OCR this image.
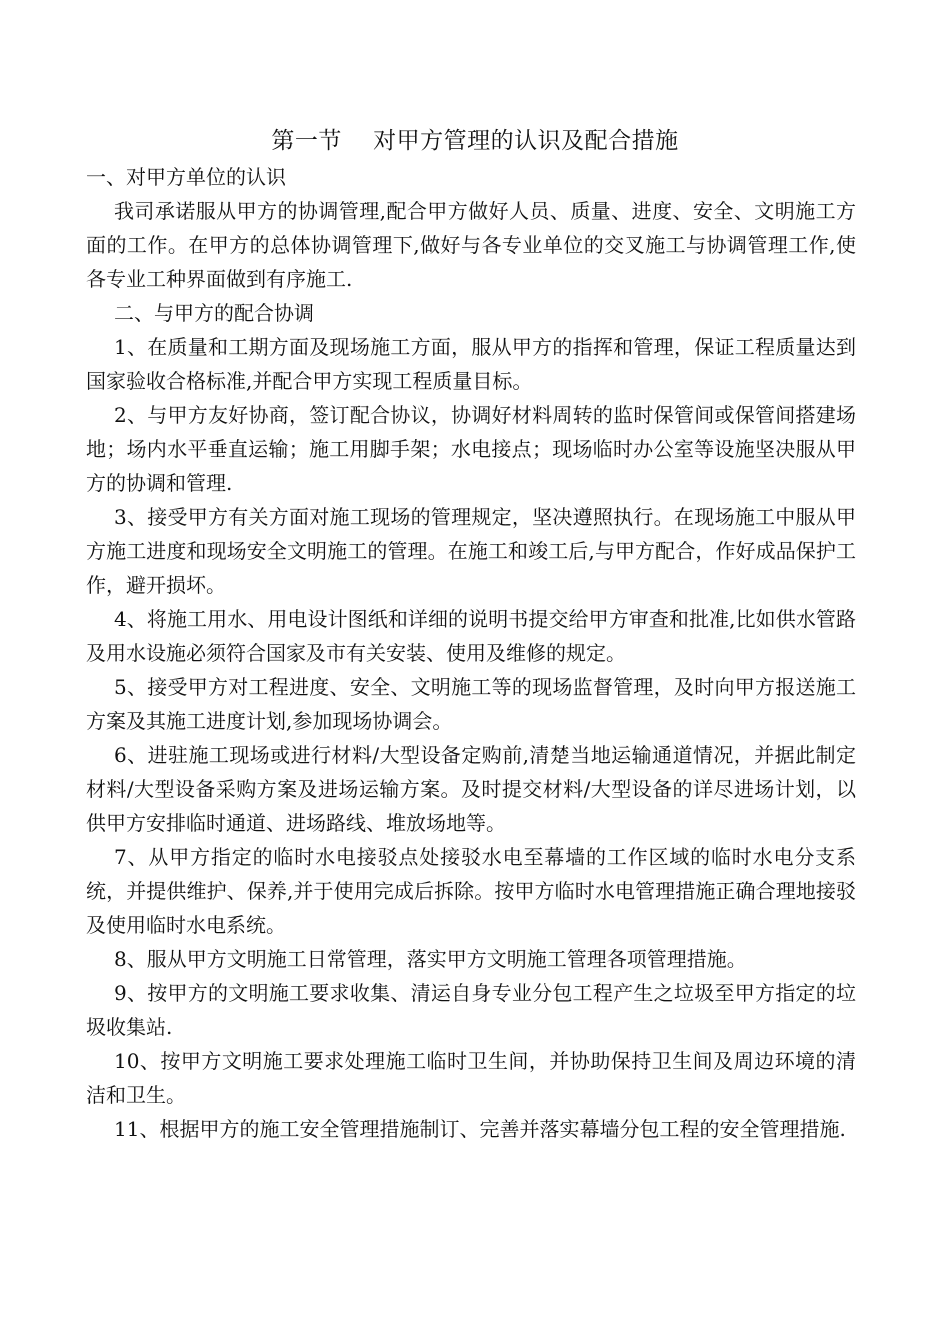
第一节    对甲方管理的认识及配合措施

一、对甲方单位的认识

我司承诺服从甲方的协调管理,配合甲方做好人员、质量、进度、安全、文明施工方面的工作。在甲方的总体协调管理下,做好与各专业单位的交叉施工与协调管理工作,使各专业工种界面做到有序施工.

二、与甲方的配合协调

1、在质量和工期方面及现场施工方面，服从甲方的指挥和管理，保证工程质量达到国家验收合格标准,并配合甲方实现工程质量目标。

2、与甲方友好协商，签订配合协议，协调好材料周转的监时保管间或保管间搭建场地；场内水平垂直运输；施工用脚手架；水电接点；现场临时办公室等设施坚决服从甲方的协调和管理.

3、接受甲方有关方面对施工现场的管理规定，坚决遵照执行。在现场施工中服从甲方施工进度和现场安全文明施工的管理。在施工和竣工后,与甲方配合，作好成品保护工作，避开损坏。

4、将施工用水、用电设计图纸和详细的说明书提交给甲方审查和批准,比如供水管路及用水设施必须符合国家及市有关安装、使用及维修的规定。

5、接受甲方对工程进度、安全、文明施工等的现场监督管理，及时向甲方报送施工方案及其施工进度计划,参加现场协调会。

6、进驻施工现场或进行材料/大型设备定购前,清楚当地运输通道情况，并据此制定材料/大型设备采购方案及进场运输方案。及时提交材料/大型设备的详尽进场计划，以供甲方安排临时通道、进场路线、堆放场地等。

7、从甲方指定的临时水电接驳点处接驳水电至幕墙的工作区域的临时水电分支系统，并提供维护、保养,并于使用完成后拆除。按甲方临时水电管理措施正确合理地接驳及使用临时水电系统。

8、服从甲方文明施工日常管理，落实甲方文明施工管理各项管理措施。

9、按甲方的文明施工要求收集、清运自身专业分包工程产生之垃圾至甲方指定的垃圾收集站.

10、按甲方文明施工要求处理施工临时卫生间，并协助保持卫生间及周边环境的清洁和卫生。

11、根据甲方的施工安全管理措施制订、完善并落实幕墙分包工程的安全管理措施.
